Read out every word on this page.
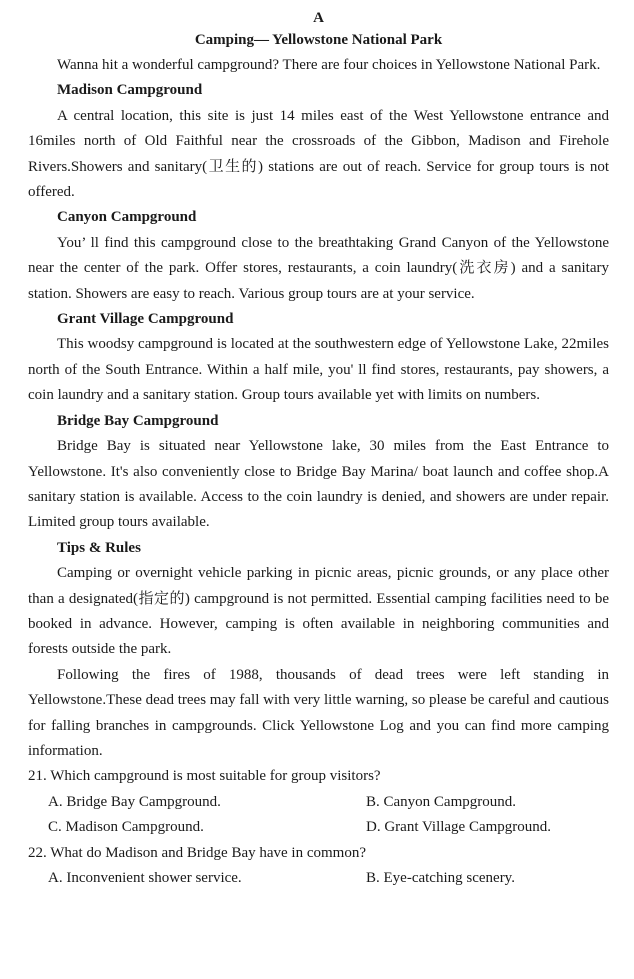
A
Camping— Yellowstone National Park

Wanna hit a wonderful campground? There are four choices in Yellowstone National Park.

Madison Campground

A central location, this site is just 14 miles east of the West Yellowstone entrance and 16miles north of Old Faithful near the crossroads of the Gibbon, Madison and Firehole Rivers.Showers and sanitary(卫生的) stations are out of reach. Service for group tours is not offered.

Canyon Campground

You’ ll find this campground close to the breathtaking Grand Canyon of the Yellowstone near the center of the park. Offer stores, restaurants, a coin laundry(洗衣房) and a sanitary station. Showers are easy to reach. Various group tours are at your service.

Grant Village Campground

This woodsy campground is located at the southwestern edge of Yellowstone Lake, 22miles north of the South Entrance. Within a half mile, you' ll find stores, restaurants, pay showers, a coin laundry and a sanitary station. Group tours available yet with limits on numbers.

Bridge Bay Campground

Bridge Bay is situated near Yellowstone lake, 30 miles from the East Entrance to Yellowstone. It's also conveniently close to Bridge Bay Marina/ boat launch and coffee shop.A sanitary station is available. Access to the coin laundry is denied, and showers are under repair. Limited group tours available.

Tips & Rules

Camping or overnight vehicle parking in picnic areas, picnic grounds, or any place other than a designated(指定的) campground is not permitted. Essential camping facilities need to be booked in advance. However, camping is often available in neighboring communities and forests outside the park.

Following the fires of 1988, thousands of dead trees were left standing in Yellowstone.These dead trees may fall with very little warning, so please be careful and cautious for falling branches in campgrounds. Click Yellowstone Log and you can find more camping information.

21. Which campground is most suitable for group visitors?
A. Bridge Bay Campground.	B. Canyon Campground.
C. Madison Campground.	D. Grant Village Campground.
22. What do Madison and Bridge Bay have in common?
A. Inconvenient shower service.	B. Eye-catching scenery.
